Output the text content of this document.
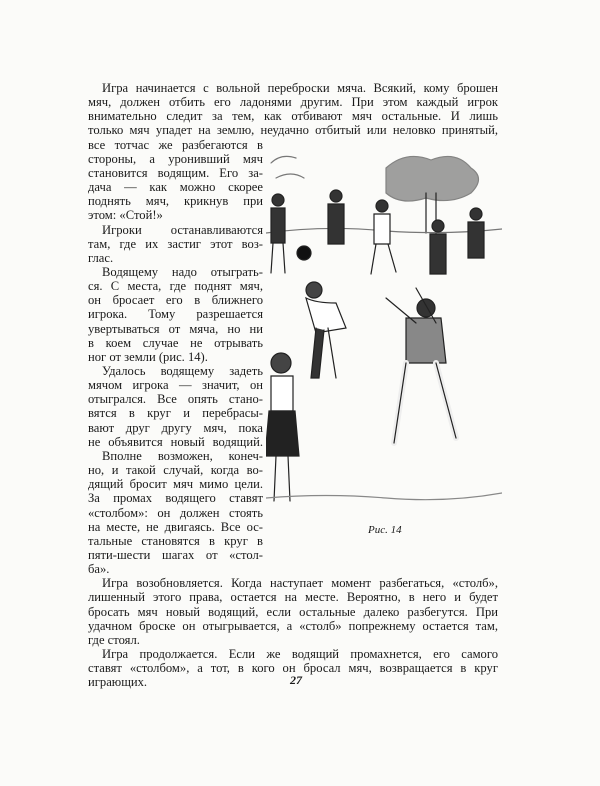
Игра начинается с вольной переброски мяча. Всякий, кому брошен
мяч, должен отбить его ладонями другим. При этом каждый игрок
внимательно следит за тем, как отбивают мяч остальные. И лишь
только мяч упадет на землю, неудачно отбитый или неловко принятый,
все тотчас же разбегаются в
стороны, а уронивший мяч
становится водящим. Его за-
дача — как можно скорее
поднять мяч, крикнув при
этом: «Стой!»
Игроки останавливаются
там, где их застиг этот воз-
глас.
Водящему надо отыграть-
ся. С места, где поднят мяч,
он бросает его в ближнего
игрока. Тому разрешается
увертываться от мяча, но ни
в коем случае не отрывать
ног от земли (рис. 14).
Удалось водящему задеть
мячом игрока — значит, он
отыгрался. Все опять стано-
вятся в круг и перебрасы-
вают друг другу мяч, пока
не объявится новый водящий.
Вполне возможен, конеч-
но, и такой случай, когда во-
дящий бросит мяч мимо цели.
За промах водящего ставят
«столбом»: он должен стоять
на месте, не двигаясь. Все ос-
тальные становятся в круг в
пяти-шести шагах от «стол-
ба».
Игра возобновляется. Когда наступает момент разбегаться, «столб»,
лишенный этого права, остается на месте. Вероятно, в него и будет
бросать мяч новый водящий, если остальные далеко разбегутся. При
удачном броске он отыгрывается, а «столб» попрежнему остается там,
где стоял.
Игра продолжается. Если же водящий промахнется, его самого
ставят «столбом», а тот, в кого он бросал мяч, возвращается в круг
играющих.
Рис. 14
27
